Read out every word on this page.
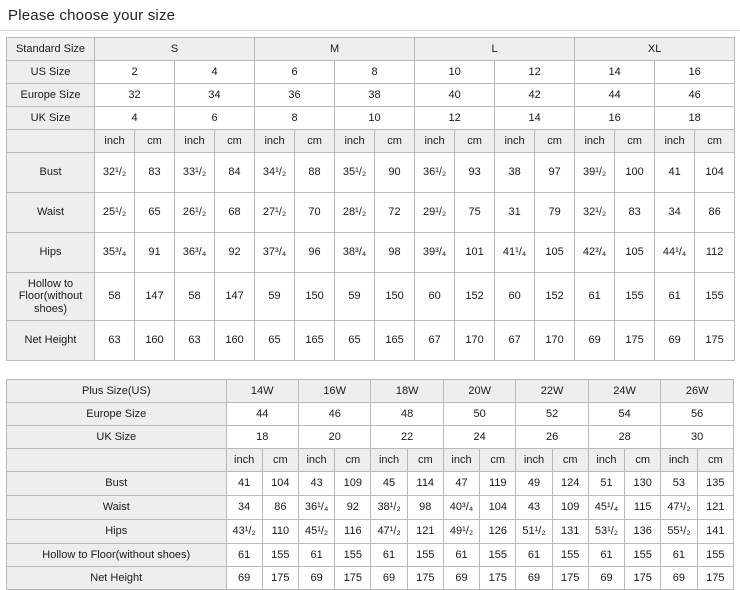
Please choose your size
Standard Size	S				M				L				XL			
US Size	2		4		6		8		10		12		14		16	
Europe Size	32		34		36		38		40		42		44		46	
UK Size	4		6		8		10		12		14		16		18	
	inch	cm	inch	cm	inch	cm	inch	cm	inch	cm	inch	cm	inch	cm	inch	cm
Bust	32¹/₂	83	33¹/₂	84	34¹/₂	88	35¹/₂	90	36¹/₂	93	38	97	39¹/₂	100	41	104
Waist	25¹/₂	65	26¹/₂	68	27¹/₂	70	28¹/₂	72	29¹/₂	75	31	79	32¹/₂	83	34	86
Hips	35³/₄	91	36³/₄	92	37³/₄	96	38³/₄	98	39³/₄	101	41¹/₄	105	42³/₄	105	44¹/₄	112
Hollow to Floor(without shoes)	58	147	58	147	59	150	59	150	60	152	60	152	61	155	61	155
Net Height	63	160	63	160	65	165	65	165	67	170	67	170	69	175	69	175
Plus Size(US)	14W		16W		18W		20W		22W		24W		26W	
Europe Size	44		46		48		50		52		54		56	
UK Size	18		20		22		24		26		28		30	
	inch	cm	inch	cm	inch	cm	inch	cm	inch	cm	inch	cm	inch	cm
Bust	41	104	43	109	45	114	47	119	49	124	51	130	53	135
Waist	34	86	36¹/₄	92	38¹/₂	98	40³/₄	104	43	109	45¹/₄	115	47¹/₂	121
Hips	43¹/₂	110	45¹/₂	116	47¹/₂	121	49¹/₂	126	51¹/₂	131	53¹/₂	136	55¹/₂	141
Hollow to Floor(without shoes)	61	155	61	155	61	155	61	155	61	155	61	155	61	155
Net Height	69	175	69	175	69	175	69	175	69	175	69	175	69	175
